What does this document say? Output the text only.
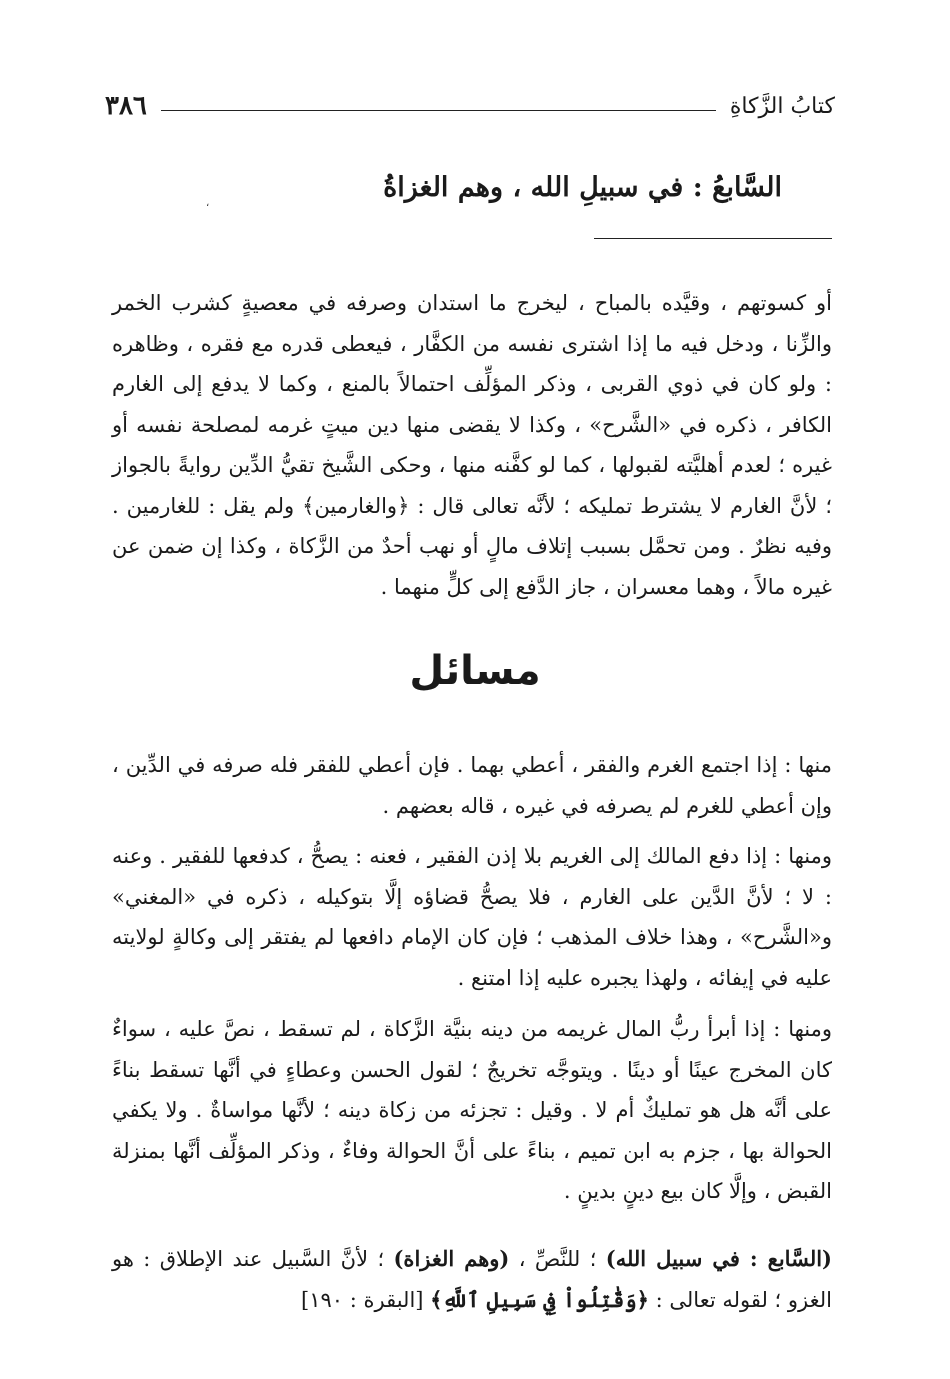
كتابُ الزَّكاةِ
٣٨٦
السَّابعُ : في سبيلِ الله ، وهم الغزاةُ
،

أو كسوتهم ، وقيَّده بالمباح ، ليخرج ما استدان وصرفه في معصيةٍ كشرب الخمر والزِّنا ، ودخل فيه ما إذا اشترى نفسه من الكفَّار ، فيعطى قدره مع فقره ، وظاهره : ولو كان في ذوي القربى ، وذكر المؤلِّف احتمالاً بالمنع ، وكما لا يدفع إلى الغارم الكافر ، ذكره في «الشَّرح» ، وكذا لا يقضى منها دين ميتٍ غرمه لمصلحة نفسه أو غيره ؛ لعدم أهليَّته لقبولها ، كما لو كفَّنه منها ، وحكى الشَّيخ تقيُّ الدِّين روايةً بالجواز ؛ لأنَّ الغارم لا يشترط تمليكه ؛ لأنَّه تعالى قال : ﴿والغارمين﴾ ولم يقل : للغارمين . وفيه نظرٌ . ومن تحمَّل بسبب إتلاف مالٍ أو نهب أحدٌ من الزَّكاة ، وكذا إن ضمن عن غيره مالاً ، وهما معسران ، جاز الدَّفع إلى كلٍّ منهما .

مسائل

منها : إذا اجتمع الغرم والفقر ، أعطي بهما . فإن أعطي للفقر فله صرفه في الدِّين ، وإن أعطي للغرم لم يصرفه في غيره ، قاله بعضهم .

ومنها : إذا دفع المالك إلى الغريم بلا إذن الفقير ، فعنه : يصحُّ ، كدفعها للفقير . وعنه : لا ؛ لأنَّ الدَّين على الغارم ، فلا يصحُّ قضاؤه إلَّا بتوكيله ، ذكره في «المغني» و«الشَّرح» ، وهذا خلاف المذهب ؛ فإن كان الإمام دافعها لم يفتقر إلى وكالةٍ لولايته عليه في إيفائه ، ولهذا يجبره عليه إذا امتنع .

ومنها : إذا أبرأ ربُّ المال غريمه من دينه بنيَّة الزَّكاة ، لم تسقط ، نصَّ عليه ، سواءٌ كان المخرج عينًا أو دينًا . ويتوجَّه تخريجٌ ؛ لقول الحسن وعطاءٍ في أنَّها تسقط بناءً على أنَّه هل هو تمليكٌ أم لا . وقيل : تجزئه من زكاة دينه ؛ لأنَّها مواساةٌ . ولا يكفي الحوالة بها ، جزم به ابن تميم ، بناءً على أنَّ الحوالة وفاءٌ ، وذكر المؤلِّف أنَّها بمنزلة القبض ، وإلَّا كان بيع دينٍ بدينٍ .

(السَّابع : في سبيل الله) ؛ للنَّصِّ ، (وهم الغزاة) ؛ لأنَّ السَّبيل عند الإطلاق : هو الغزو ؛ لقوله تعالى : ﴿وَقَٰتِلُواْ فِي سَبِيلِ ٱللَّهِ﴾ [البقرة : ١٩٠]
